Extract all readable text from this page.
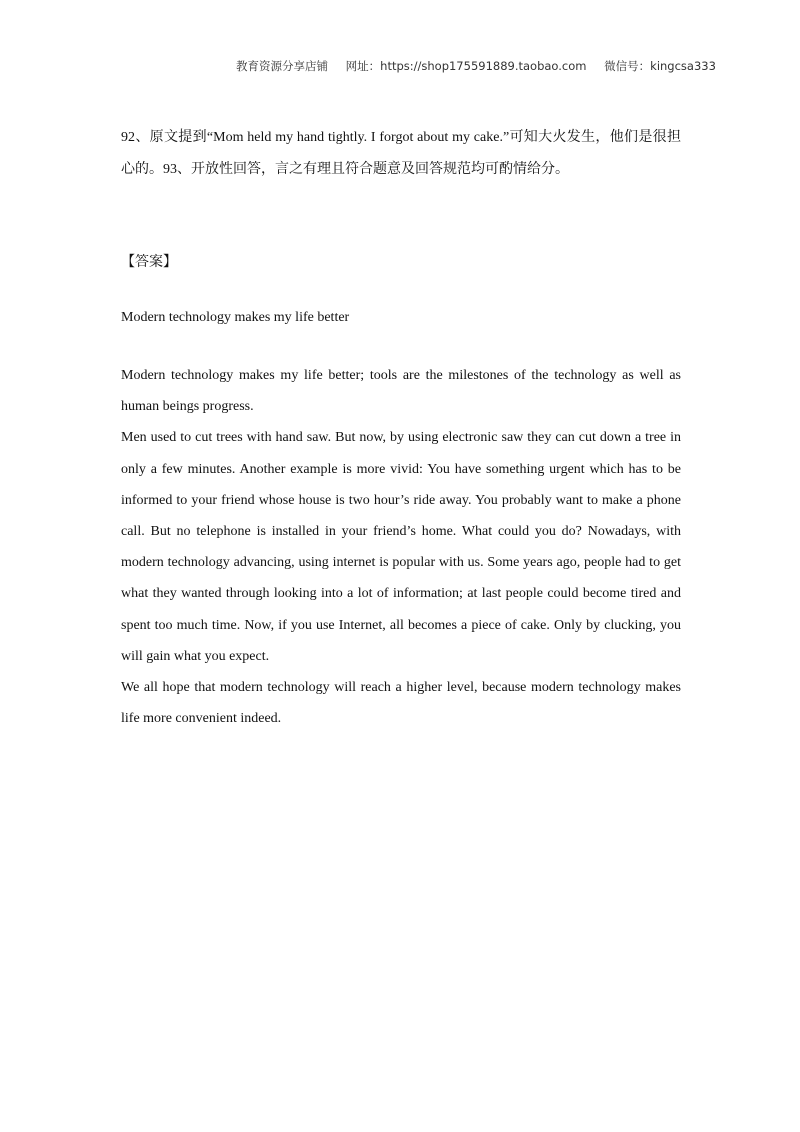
教育资源分享店铺 网址：https://shop175591889.taobao.com 微信号：kingcsa333

92、原文提到“Mom held my hand tightly. I forgot about my cake.”可知大火发生，他们是很担心的。93、开放性回答，言之有理且符合题意及回答规范均可酌情给分。

【答案】
Modern technology makes my life better

Modern technology makes my life better; tools are the milestones of the technology as well as human beings progress.

Men used to cut trees with hand saw. But now, by using electronic saw they can cut down a tree in only a few minutes. Another example is more vivid: You have something urgent which has to be informed to your friend whose house is two hour’s ride away. You probably want to make a phone call. But no telephone is installed in your friend’s home. What could you do? Nowadays, with modern technology advancing, using internet is popular with us. Some years ago, people had to get what they wanted through looking into a lot of information; at last people could become tired and spent too much time. Now, if you use Internet, all becomes a piece of cake. Only by clucking, you will gain what you expect.

We all hope that modern technology will reach a higher level, because modern technology makes life more convenient indeed.
